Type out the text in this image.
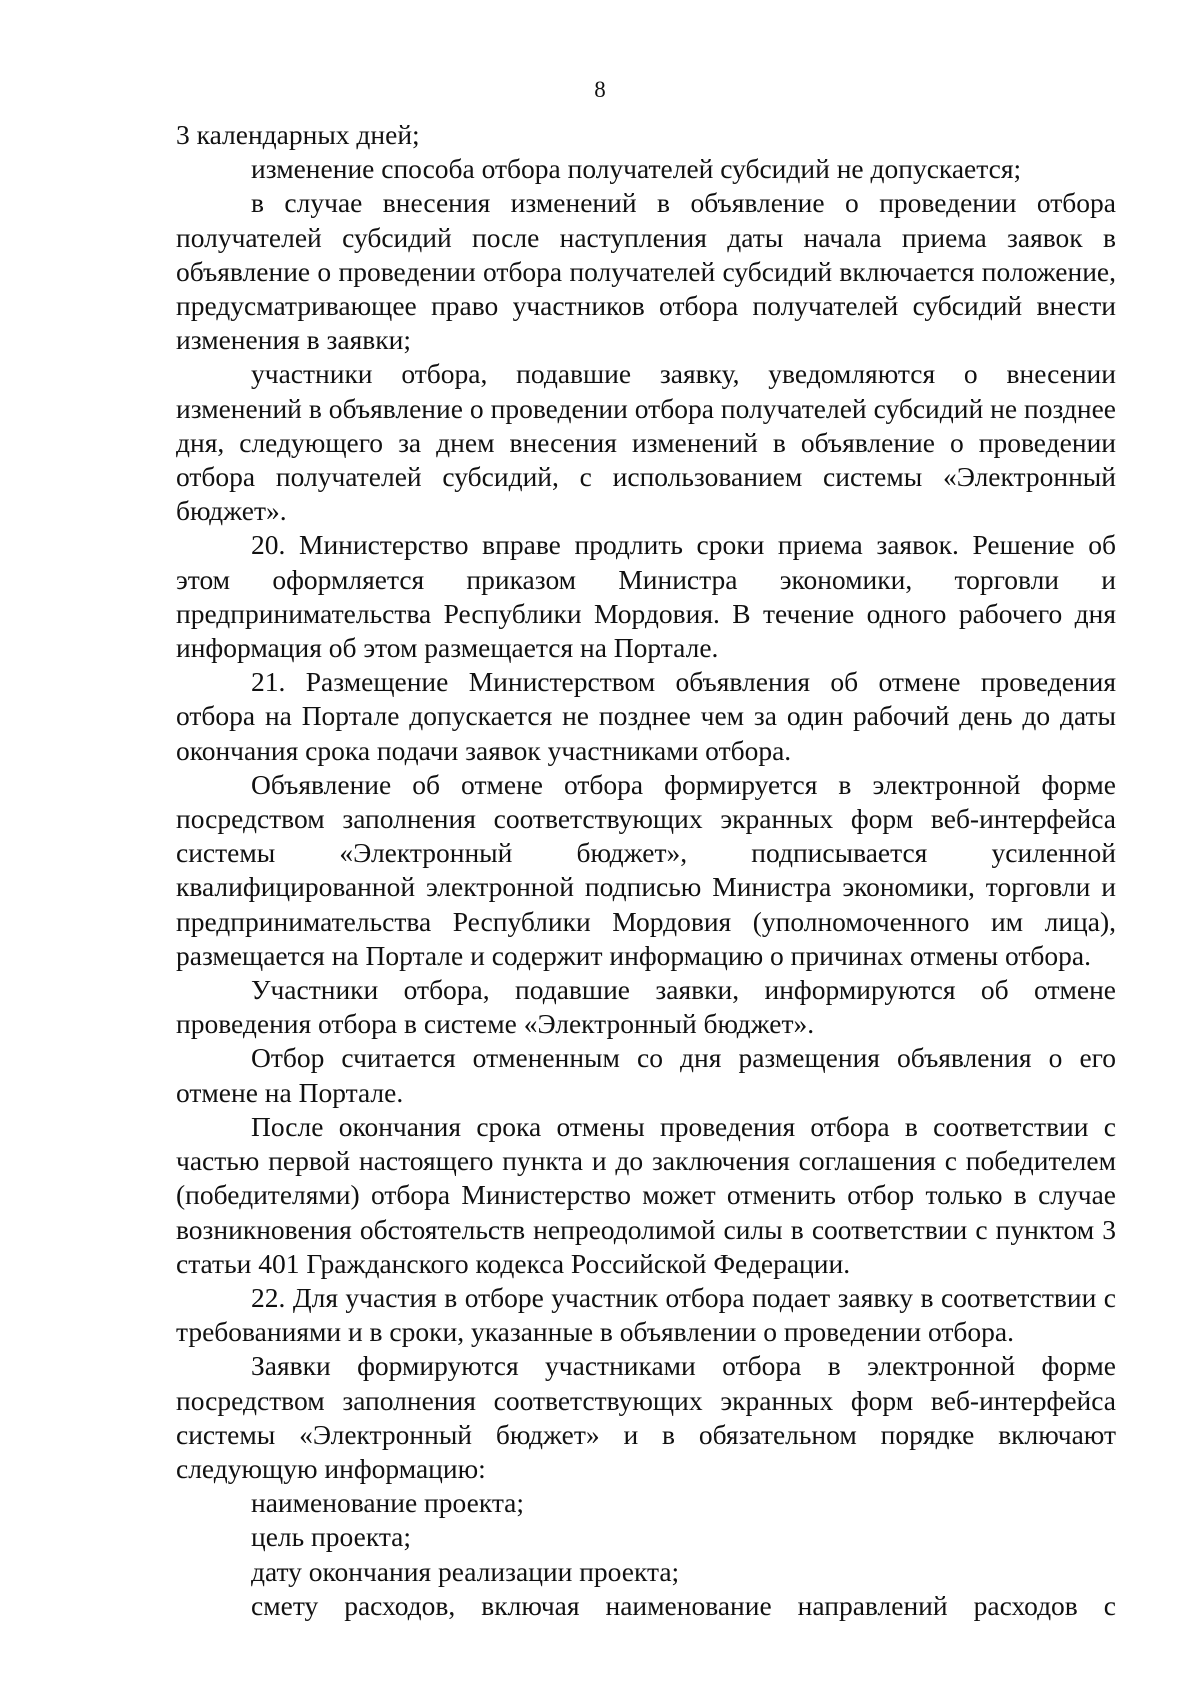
8

3 календарных дней;

изменение способа отбора получателей субсидий не допускается;

в случае внесения изменений в объявление о проведении отбора получателей субсидий после наступления даты начала приема заявок в объявление о проведении отбора получателей субсидий включается положение, предусматривающее право участников отбора получателей субсидий внести изменения в заявки;

участники отбора, подавшие заявку, уведомляются о внесении изменений в объявление о проведении отбора получателей субсидий не позднее дня, следующего за днем внесения изменений в объявление о проведении отбора получателей субсидий, с использованием системы «Электронный бюджет».

20. Министерство вправе продлить сроки приема заявок. Решение об этом оформляется приказом Министра экономики, торговли и предпринимательства Республики Мордовия. В течение одного рабочего дня информация об этом размещается на Портале.

21. Размещение Министерством объявления об отмене проведения отбора на Портале допускается не позднее чем за один рабочий день до даты окончания срока подачи заявок участниками отбора.

Объявление об отмене отбора формируется в электронной форме посредством заполнения соответствующих экранных форм веб-интерфейса системы «Электронный бюджет», подписывается усиленной квалифицированной электронной подписью Министра экономики, торговли и предпринимательства Республики Мордовия (уполномоченного им лица), размещается на Портале и содержит информацию о причинах отмены отбора.

Участники отбора, подавшие заявки, информируются об отмене проведения отбора в системе «Электронный бюджет».

Отбор считается отмененным со дня размещения объявления о его отмене на Портале.

После окончания срока отмены проведения отбора в соответствии с частью первой настоящего пункта и до заключения соглашения с победителем (победителями) отбора Министерство может отменить отбор только в случае возникновения обстоятельств непреодолимой силы в соответствии с пунктом 3 статьи 401 Гражданского кодекса Российской Федерации.

22. Для участия в отборе участник отбора подает заявку в соответствии с требованиями и в сроки, указанные в объявлении о проведении отбора.

Заявки формируются участниками отбора в электронной форме посредством заполнения соответствующих экранных форм веб-интерфейса системы «Электронный бюджет» и в обязательном порядке включают следующую информацию:

наименование проекта;

цель проекта;

дату окончания реализации проекта;

смету расходов, включая наименование направлений расходов с
